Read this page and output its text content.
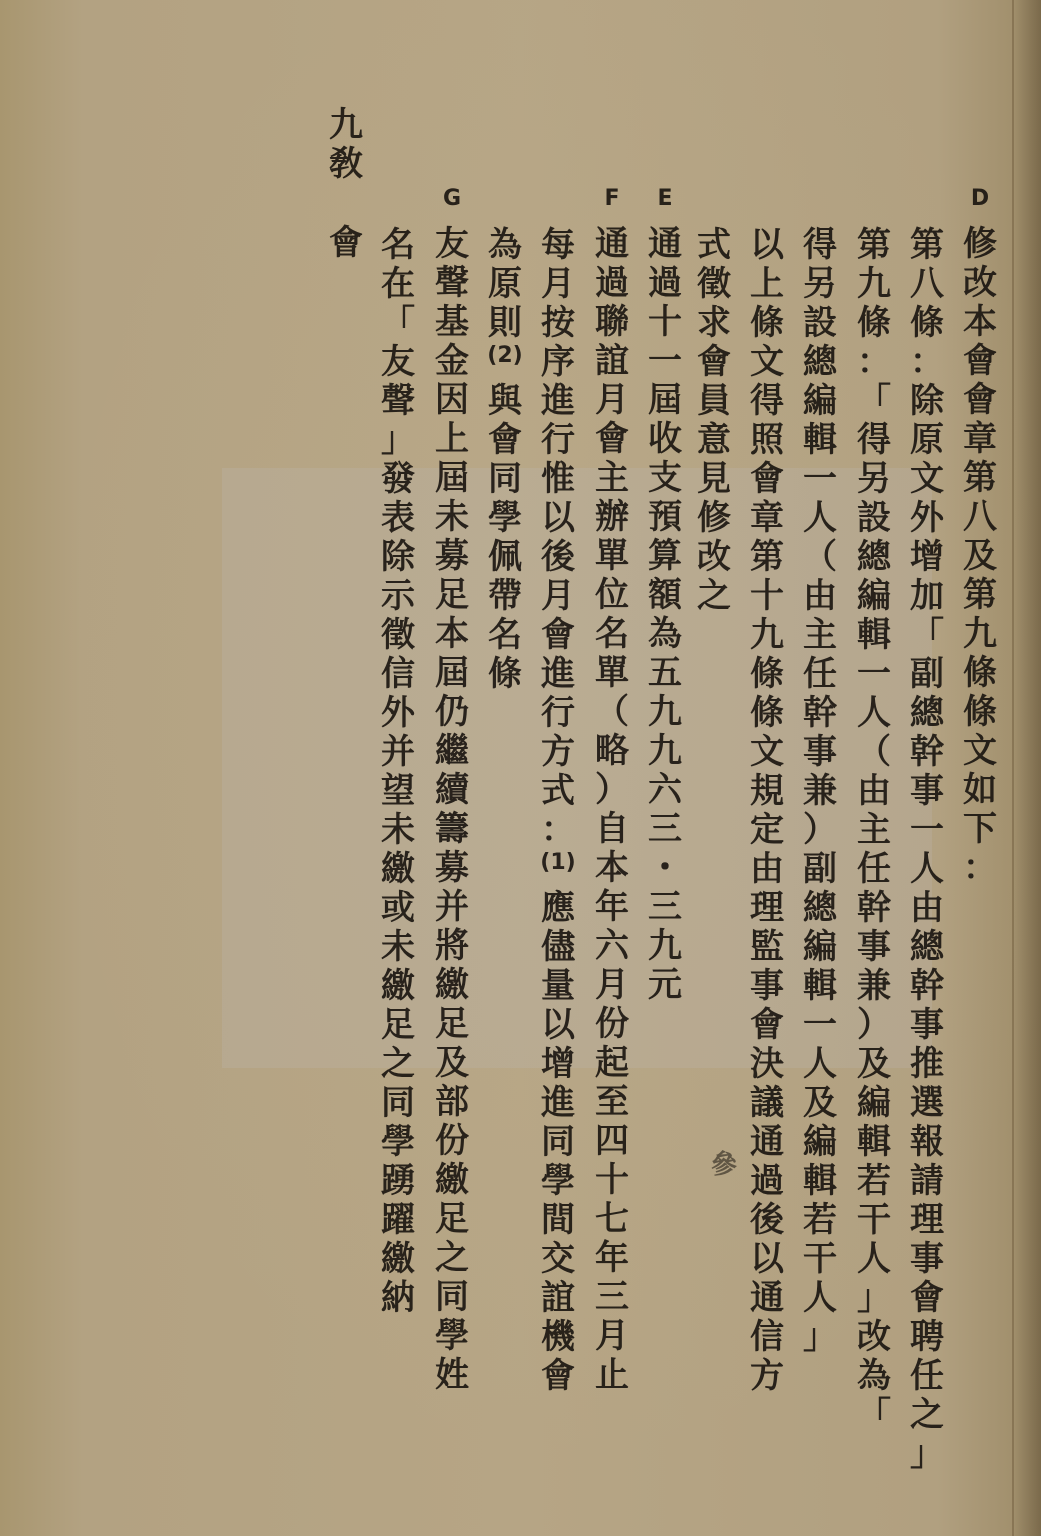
D
修
改
本
會
會
章
第
八
及
第
九
條
條
文
如
下
：
第
八
條
：
除
原
文
外
增
加
「
副
總
幹
事
一
人
由
總
幹
事
推
選
報
請
理
事
會
聘
任
之
」
第
九
條
：
「
得
另
設
總
編
輯
一
人
（
由
主
任
幹
事
兼
）
及
編
輯
若
干
人
」
改
為
「
得
另
設
總
編
輯
一
人
（
由
主
任
幹
事
兼
）
副
總
編
輯
一
人
及
編
輯
若
干
人
」
以
上
條
文
得
照
會
章
第
十
九
條
條
文
規
定
由
理
監
事
會
決
議
通
過
後
以
通
信
方
式
徵
求
會
員
意
見
修
改
之
E
通
過
十
一
屆
收
支
預
算
額
為
五
九
九
六
三
・
三
九
元
F
通
過
聯
誼
月
會
主
辦
單
位
名
單
（
略
）
自
本
年
六
月
份
起
至
四
十
七
年
三
月
止
每
月
按
序
進
行
惟
以
後
月
會
進
行
方
式
：
(1)
應
儘
量
以
增
進
同
學
間
交
誼
機
會
為
原
則
(2)
與
會
同
學
佩
帶
名
條
G
友
聲
基
金
因
上
屆
未
募
足
本
屆
仍
繼
續
籌
募
并
將
繳
足
及
部
份
繳
足
之
同
學
姓
名
在
「
友
聲
」
發
表
除
示
徵
信
外
并
望
未
繳
或
未
繳
足
之
同
學
踴
躍
繳
納
九
敎
會
參
